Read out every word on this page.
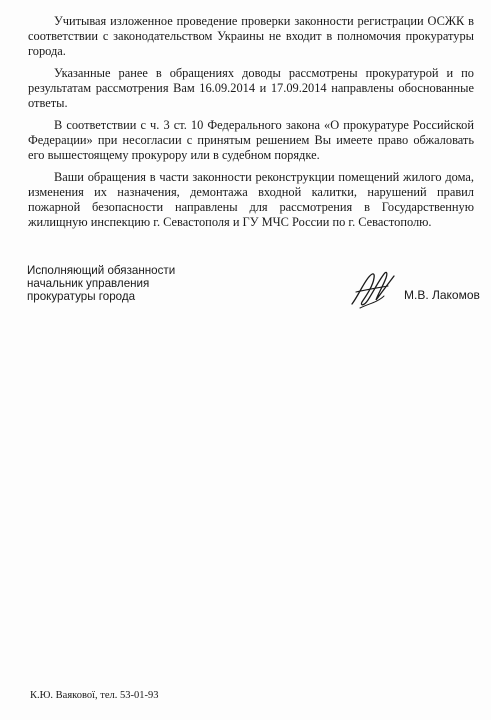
Учитывая изложенное проведение проверки законности регистрации ОСЖК в соответствии с законодательством Украины не входит в полномочия прокуратуры города.

Указанные ранее в обращениях доводы рассмотрены прокуратурой и по результатам рассмотрения Вам 16.09.2014 и 17.09.2014 направлены обоснованные ответы.

В соответствии с ч. 3 ст. 10 Федерального закона «О прокуратуре Российской Федерации» при несогласии с принятым решением Вы имеете право обжаловать его вышестоящему прокурору или в судебном порядке.

Ваши обращения в части законности реконструкции помещений жилого дома, изменения их назначения, демонтажа входной калитки, нарушений правил пожарной безопасности направлены для рассмотрения в Государственную жилищную инспекцию г. Севастополя и ГУ МЧС России по г. Севастополю.

Исполняющий обязанности
начальник управления
прокуратуры города	М.В. Лакомов
К.Ю. Ваякової, тел. 53-01-93
